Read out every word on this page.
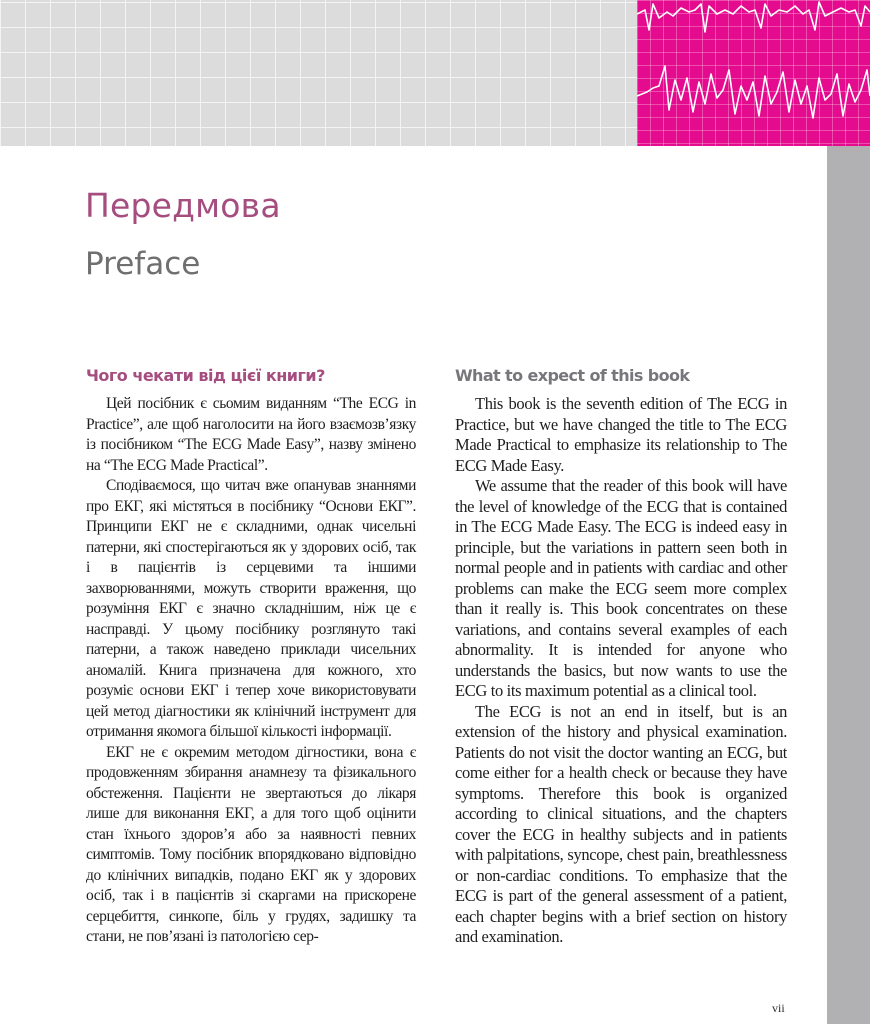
Передмова
Preface
Чого чекати від цієї книги?

Цей посібник є сьомим виданням “The ECG in Practice”, але щоб наголосити на його взаємозв’язку із посібником “The ECG Made Easy”, назву змінено на “The ECG Made Practical”.

Сподіваємося, що читач вже опанував знаннями про ЕКГ, які містяться в посібнику “Основи ЕКГ”. Принципи ЕКГ не є складними, однак чисельні патерни, які спостерігаються як у здорових осіб, так і в пацієнтів із серцевими та іншими захворюваннями, можуть створити враження, що розуміння ЕКГ є значно складнішим, ніж це є насправді. У цьому посібнику розглянуто такі патерни, а також наведено приклади чисельних аномалій. Книга призначена для кожного, хто розуміє основи ЕКГ і тепер хоче використовувати цей метод діагностики як клінічний інструмент для отримання якомога більшої кількості інформації.

ЕКГ не є окремим методом дігностики, вона є продовженням збирання анамнезу та фізикального обстеження. Пацієнти не звертаються до лікаря лише для виконання ЕКГ, а для того щоб оцінити стан їхнього здоров’я або за наявності певних симптомів. Тому посібник впорядковано відповідно до клінічних випадків, подано ЕКГ як у здорових осіб, так і в пацієнтів зі скаргами на прискорене серцебиття, синкопе, біль у грудях, задишку та стани, не пов’язані із патологією сер-

What to expect of this book

This book is the seventh edition of The ECG in Practice, but we have changed the title to The ECG Made Practical to emphasize its relationship to The ECG Made Easy.

We assume that the reader of this book will have the level of knowledge of the ECG that is contained in The ECG Made Easy. The ECG is indeed easy in principle, but the variations in pattern seen both in normal people and in patients with cardiac and other problems can make the ECG seem more complex than it really is. This book concentrates on these variations, and contains several examples of each abnormality. It is intended for anyone who understands the basics, but now wants to use the ECG to its maximum potential as a clinical tool.

The ECG is not an end in itself, but is an extension of the history and physical examination. Patients do not visit the doctor wanting an ECG, but come either for a health check or because they have symptoms. Therefore this book is organized according to clinical situations, and the chapters cover the ECG in healthy subjects and in patients with palpitations, syncope, chest pain, breathlessness or non-cardiac conditions. To emphasize that the ECG is part of the general assessment of a patient, each chapter begins with a brief section on history and examination.

vii
